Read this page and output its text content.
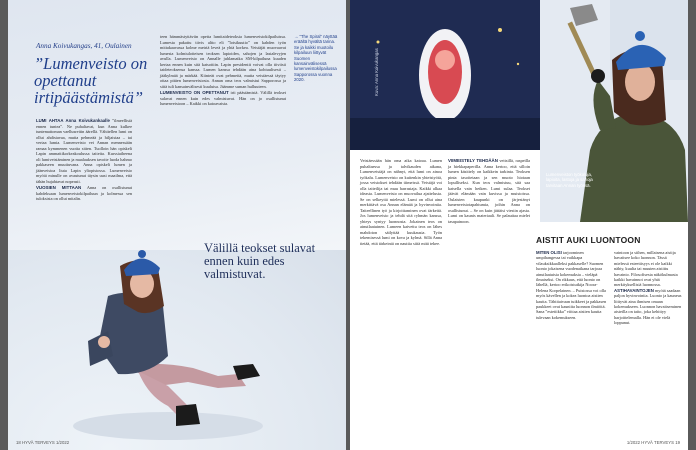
Anna Koivukangas, 41, Oulainen
”Lumenveisto on opettanut irtipäästämistä”

LUMI AHTAA Anna Koivukankaalle ”ilmeellisiä ennen tuntea”. Ne puhaltavat, kun Anna kulkee tuntemattoman vaellusreitin äärellä. Vähitellen lumi on ollut ahdistavaa, mutta pehmeää ja hiljaistaa – tai vertaa lumia. Lumenveisto vei Annan mennessään ramaa kymmenen vuotta sitten. Tuolloin hän opiskeli Lapin ammattikorkeakoulussa taiteita. Kurssiaiheena oli lumiveistäminen ja maalauksen tavoite luoda hahmo pakkaseen muuttuvana. Anna opiskeli lumen ja jäänveistoa liuta Lapin yliopistossa. Lumenveisto myötä minulle on avautunut täysin uusi maailma, että tähän hujahtavat nopeasti.

VUOSIEN MITTAAN Anna on osallistunut kahdeksaan lumenveistokilpailuun ja kolmessa sen tuloksista on ollut mitalin.

teen hämmästyttäviin opetta lumitaideteoksia lumenveistokilpailuissa. Lumesta pakattu tiivis altto eli ”lotsikuutio” on kahden työn mittakaavassa kolme metriä leveä ja yhtä korkea. Veistäjät muovaavat lumesta kolmiulotteisen teoksen lapioiden, sahojen ja lastalevyjen avulla. Lumenveisto on Annalle juhlamatka SM-kilpailuna kuuden kertaa ennen kuin sitä katsottiin. Lapin presidentit voivat olla tiiviisti taideteoksensa kanssa. Lumen kanssa tehdään aina kohtuulisesti – jääkylmää ja märkää. Kiinteät ovat pehmeitä, mutta veistäessä täytyy ottaa pitäen lumenveistosta. Annan oma teos valmistui Sapporossa ja siitä tuli kansainvälisesti kuuluisa. Jäämme suman hulluuteen.

LUMENVEISTO ON OPETTANUT irti päästämistä. Välillä teokset sulavat ennen kuin edes valmistuvat. Hän on jo osallistunut lumenveistoon – Kaikki on katoavaista.

→ ”The Spiral” näyttää eräältä hyvältä tarina. Se ja kaikki muotoilu kilpailuun liittyvät Suomen kansainvälisessä lumenveistokilpailussa Sapporossa vuonna 2020.
Välillä teokset sulavat ennen kuin edes valmistuvat.
18 HYVÄ TERVEYS 1/2022
Lumenveiston työkaluja, lapioita, lastoja ja sahoja tarvitaan Annan työssä.

Veistäessään hän oma aika katoaa. Lumen puhaltaessa ja talvikauden aikana, Lumenveistäjä on nähnyt, että lumi on ainoa työkalu. Lumenveisto on kuitenkin yhteistyötä, jossa veistokset tehdään tiimeissä. Veistäjä voi olla taiteilija tai muu harrastaja. Kaikki alkaa ideasta. Lumenveisto on muovailua ajattelusta. Se on selkeyttä mielessä. Lumi on ollut aina merkittävä osa Annan elämää ja hyvinvointia. Taiteellinen työ ja kirjoittaminen ovat tärkeitä. Jos lumenveisto ja tehdä sitä ryhmän kanssa, yhteys syntyy luonnosta. Jokainen teos on ainutlaatuinen. Lumeen kaivettu teos on lähes mahdoton säilyttää kuukausia. Työn tekemisessä lumi on kova ja kylmä. Sillä Anna tietää, että tärkeintä on nauttia siitä mitä tekee.

VIIMEISTELY TEHDÄÄN veitsillä, raspeilla ja hiekkapaperilla. Anna kertoo, että silloin lumen käsittely on kaikkein tarkinta. Teoksen pinta tasoitetaan ja sen muoto hiotaan lopulliseksi. Kun teos valmistuu, sitä saa katsella vain hetken. Lumi sulaa. Teokset jäävät elämään vain kuvissa ja muistoissa. Oulaisten kaupunki on järjestänyt lumenveistotapahtumia, joihin Anna on osallistunut. – Se on kuin jättäisi viestin ajasta. Lumi on kaunis materiaali. Se palauttaa mielet tasapainoon.

AISTIT AUKI LUONTOON

MITEN OLISI tarjoominen umpihangessa tai vaikkapa vilauksikkaalleksi pakkaselle? Suomen luonto jokaisena vuodenaikana tarjoaa ainutlaatuisia kokemuksia – vieläpä ilmaiseksi. On rikkaus, että luonto on lähellä, kertoo erikoistutkija Noora-Helena Korpelainen. – Puistossa voi olla myös kävellen ja kokea luontoa aistien kautta. Tähtitaivaan tuikkeet ja pakkasen paukkeet ovat kauniita luonnon ilmiöitä. Sana ”estetiikka” viittaa aistien kautta tulevaan kokemukseen.

vaintoon ja siihen, millaisena aistija havaitsee koko luonnon. Tässä mielessä esteettisyys ei ole kaikki nähty, kuulta tai muuten aistittu havainto. Filosofisesta näkökulmasta kaikki havainnot ovat yhtä merkityksellisiä luonnossa.

ASTIHAVAINTOJEN myötä saadaan paljon hyvinvointia. Luonto ja kauneus liittyvät aina ihmisen omaan kokemukseen. Luonnon havaitseminen aisteilla on taito, joka kehittyy harjoittelemalla. Hän ei ole vielä loppunut.

1/2022 HYVÄ TERVEYS 19
